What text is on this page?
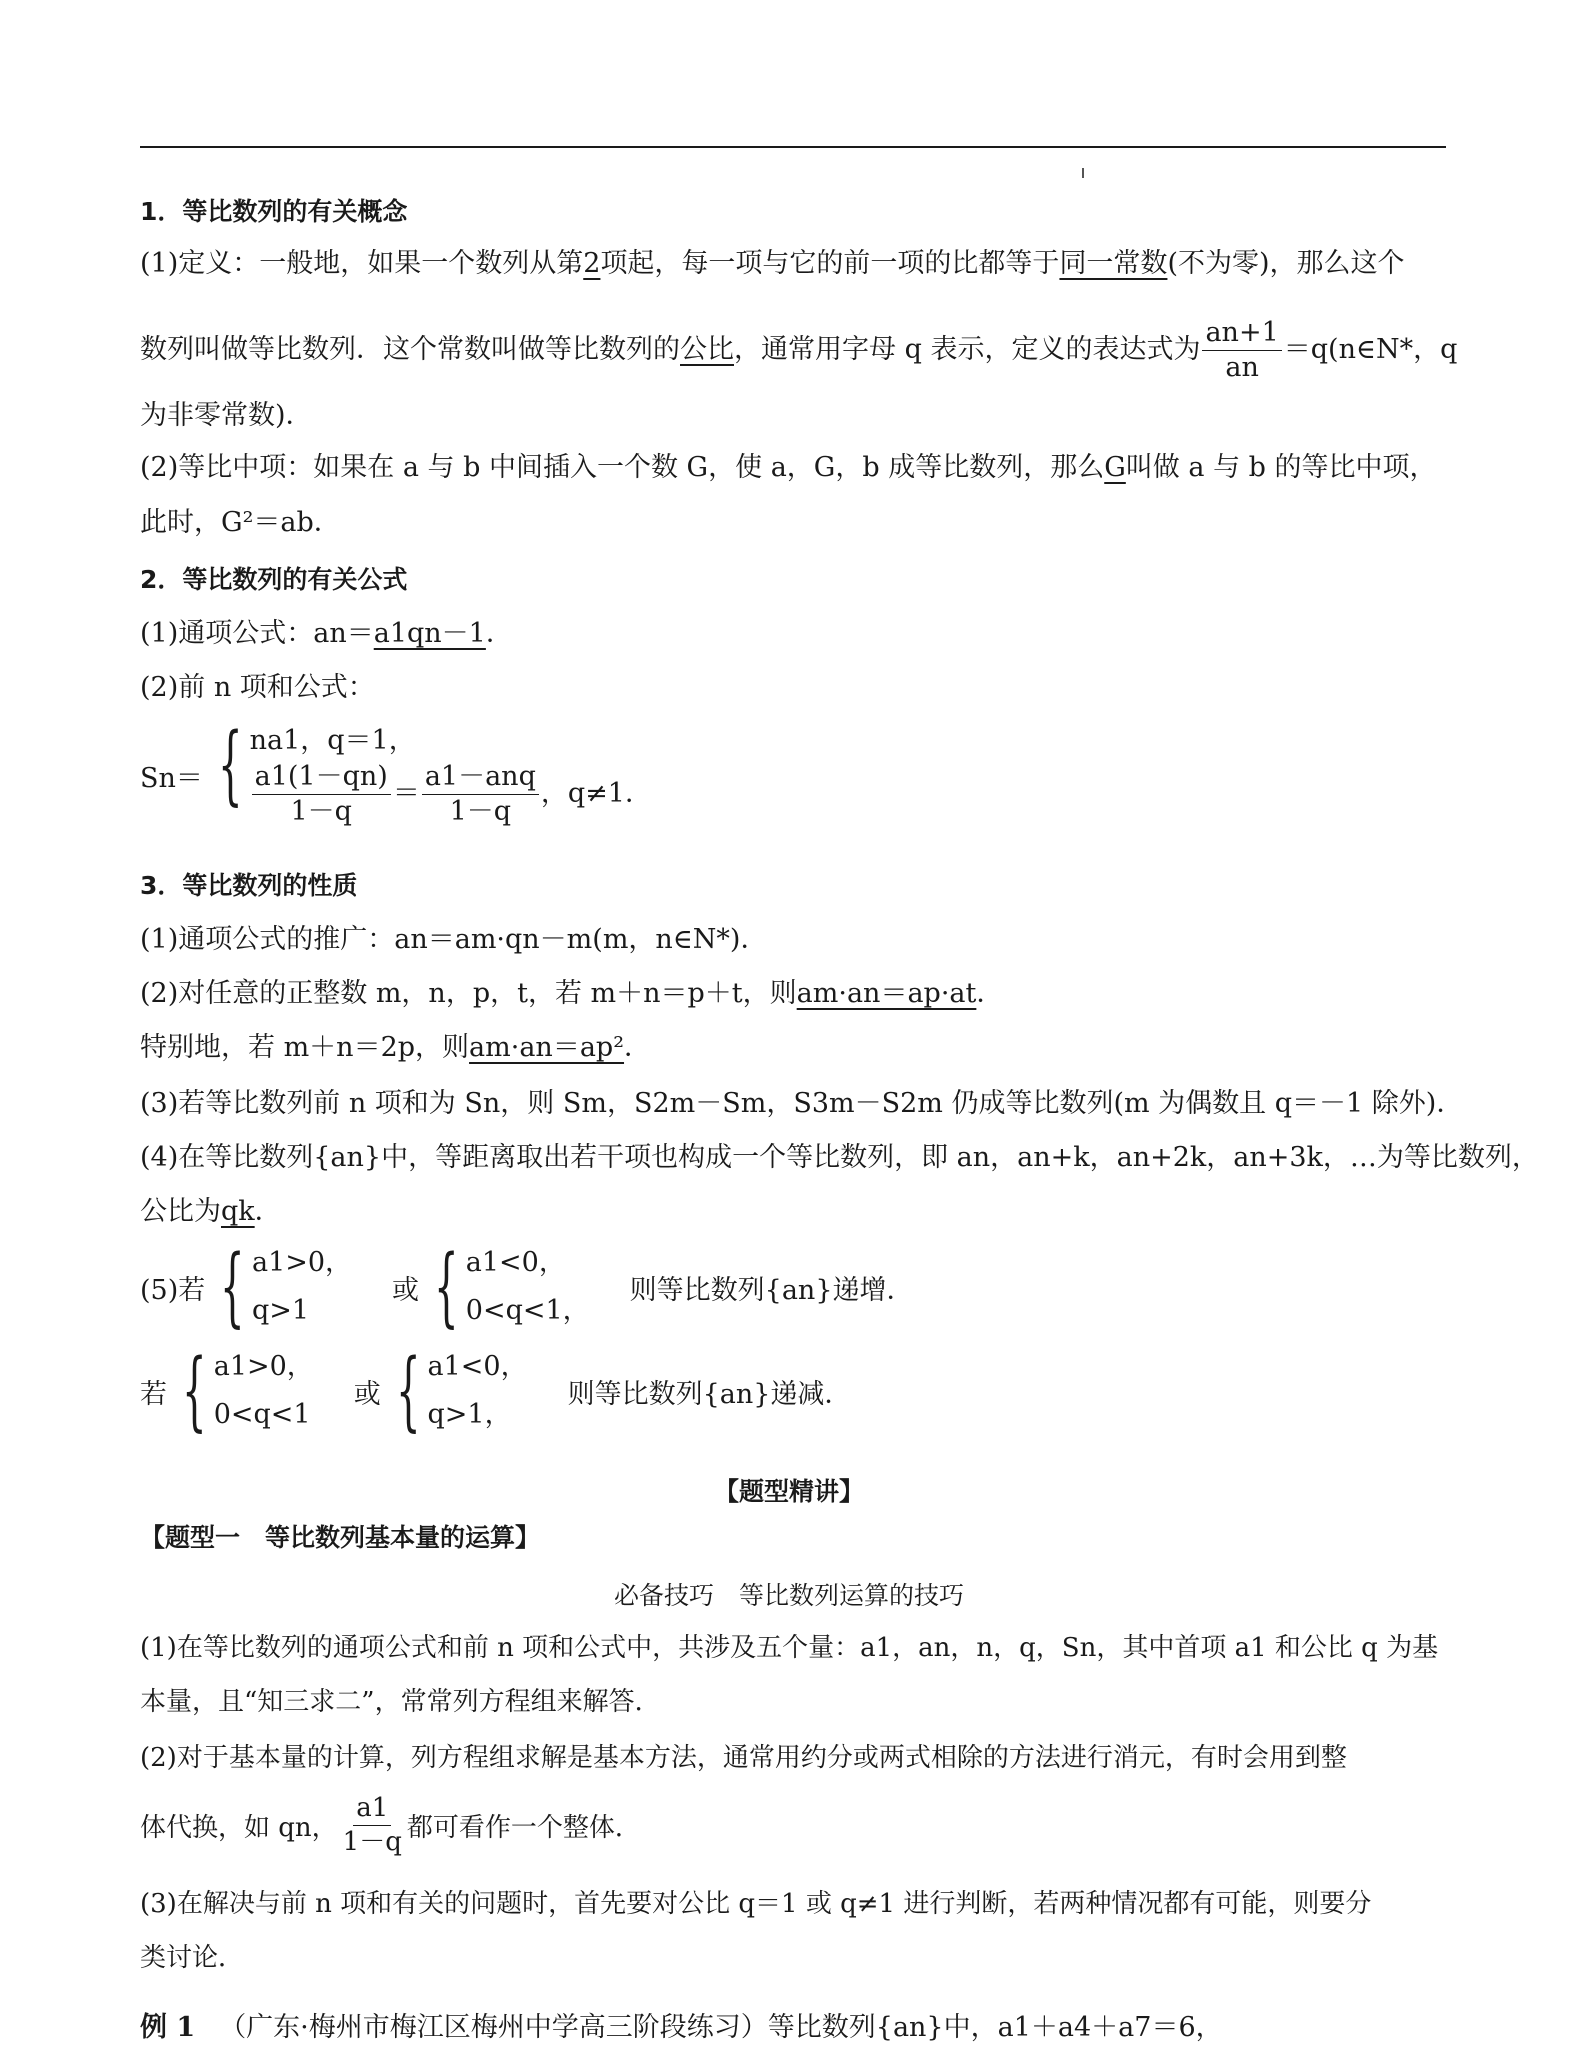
1．等比数列的有关概念
(1)定义：一般地，如果一个数列从第2项起，每一项与它的前一项的比都等于同一常数(不为零)，那么这个
数列叫做等比数列．这个常数叫做等比数列的公比，通常用字母 q 表示，定义的表达式为 $\frac{an+1}{an}$ ＝q(n∈N*，q
为非零常数)．
(2)等比中项：如果在 a 与 b 中间插入一个数 G，使 a，G，b 成等比数列，那么G叫做 a 与 b 的等比中项，
此时，G²＝ab．
2．等比数列的有关公式
(1)通项公式：an＝a1qn－1．
(2)前 n 项和公式：
Sn＝ { na1，q＝1，
$\frac{a1(1-qn)}{1-q} = \frac{\text{a1－anq}}{1-q}$ ，q≠1．
3．等比数列的性质
(1)通项公式的推广：an＝am·qn－m(m，n∈N*)．
(2)对任意的正整数 m，n，p，t，若 m＋n＝p＋t，则am·an＝ap·at．
特别地，若 m＋n＝2p，则am·an＝ap²．
(3)若等比数列前 n 项和为 Sn，则 Sm，S2m－Sm，S3m－S2m 仍成等比数列(m 为偶数且 q＝－1 除外)．
(4)在等比数列{an}中，等距离取出若干项也构成一个等比数列，即 an，an+k，an+2k，an+3k，…为等比数列，
公比为qk．
(5)若 { a1>0，
q>1
或 { a1<0，
0<q<1，
则等比数列{an}递增．
若 { a1>0，
0<q<1
或 { a1<0，
q>1，
则等比数列{an}递减．
【题型精讲】
【题型一　等比数列基本量的运算】
必备技巧　等比数列运算的技巧
(1)在等比数列的通项公式和前 n 项和公式中，共涉及五个量：a1，an，n，q，Sn，其中首项 a1 和公比 q 为基
本量，且“知三求二”，常常列方程组来解答．
(2)对于基本量的计算，列方程组求解是基本方法，通常用约分或两式相除的方法进行消元，有时会用到整
体代换，如 qn， $\frac{a1}{1-q}$ 都可看作一个整体．
(3)在解决与前 n 项和有关的问题时，首先要对公比 q＝1 或 q≠1 进行判断，若两种情况都有可能，则要分
类讨论．
例 1 （广东·梅州市梅江区梅州中学高三阶段练习）等比数列{an}中，a1＋a4＋a7＝6，
